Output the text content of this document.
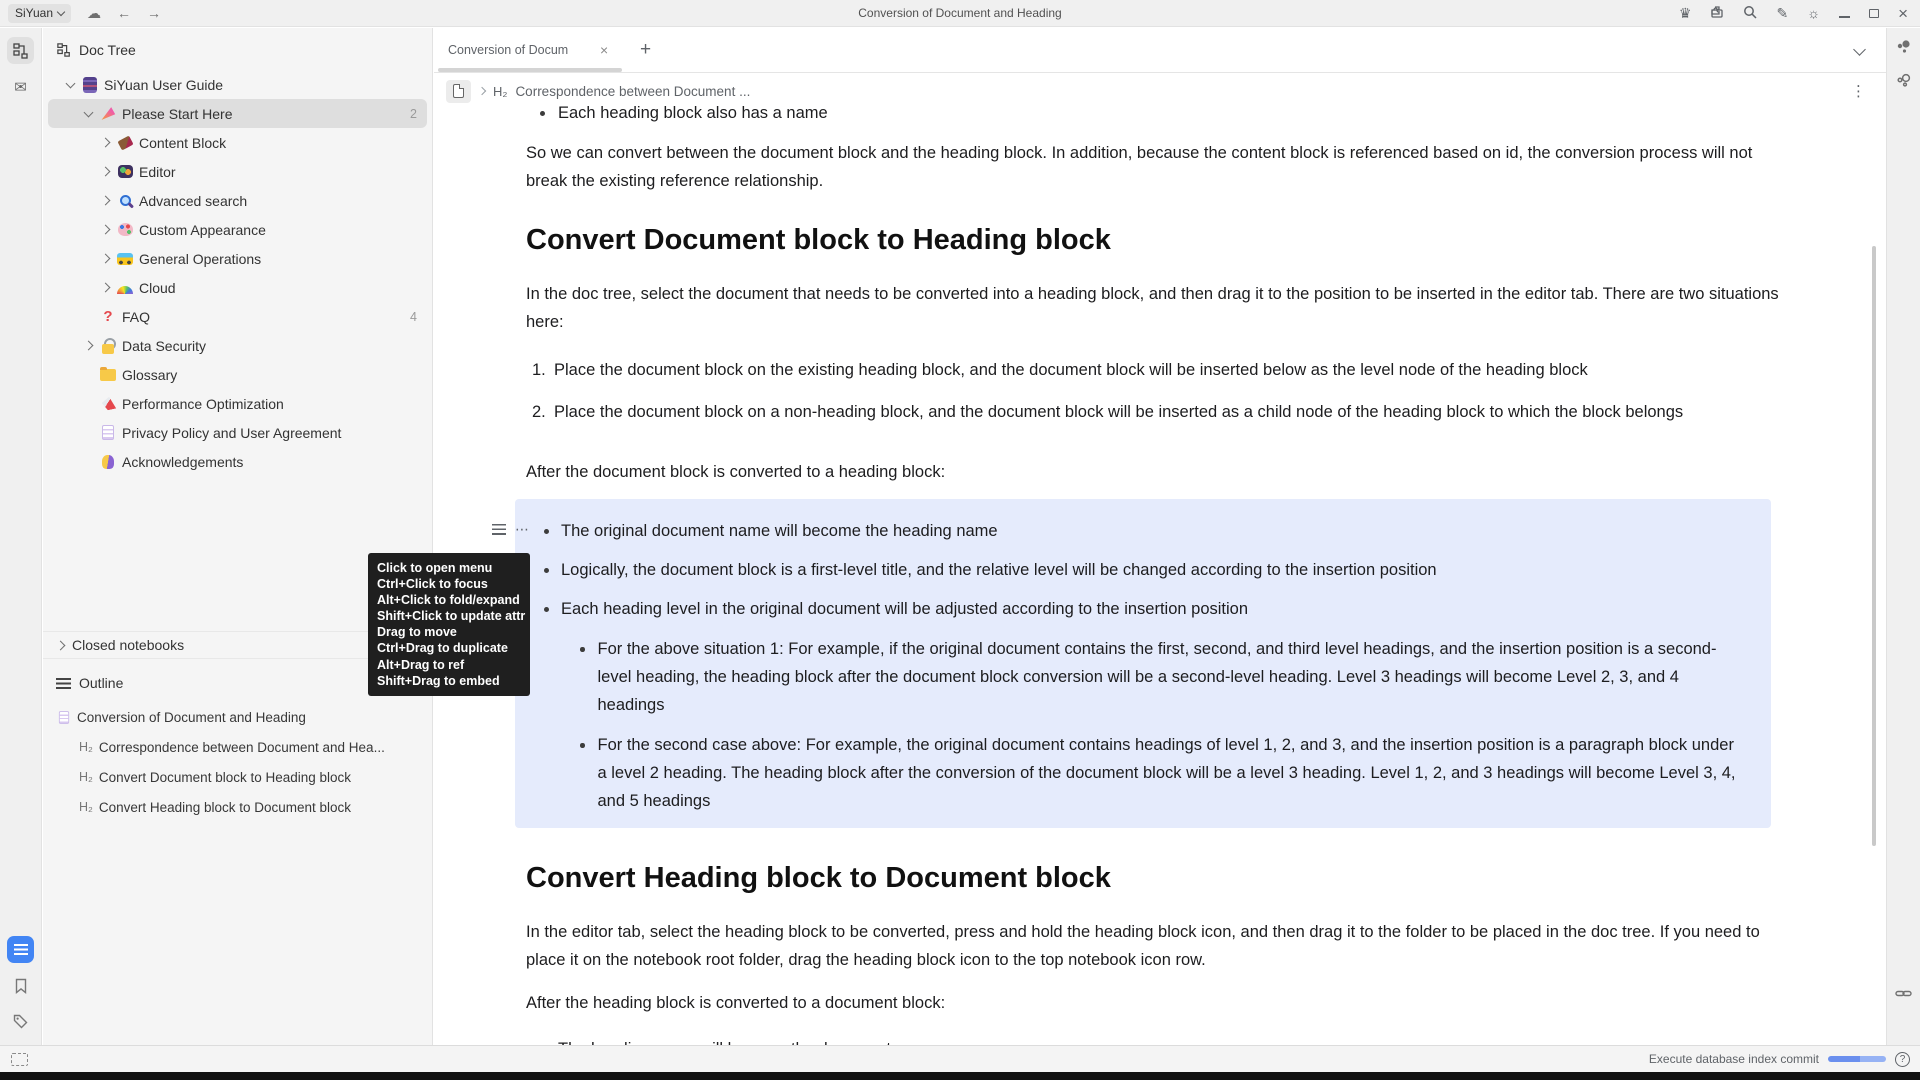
SiYuan ☁ ← →	Conversion of Document and Heading	♛	✎ ☼	×
✉
Doc Tree
SiYuan User Guide
Please Start Here	2
Content Block
Editor
Advanced search
Custom Appearance
General Operations
Cloud
? FAQ	4
Data Security
Glossary
Performance Optimization
Privacy Policy and User Agreement
Acknowledgements
Closed notebooks
Outline
Conversion of Document and Heading
H₂ Correspondence between Document and Hea...
H₂ Convert Document block to Heading block
H₂ Convert Heading block to Document block
Conversion of Docum	× +
H₂ Correspondence between Document ...	⋮
Each heading block also has a name

So we can convert between the document block and the heading block. In addition, because the content block is referenced based on id, the conversion process will not break the existing reference relationship.

Convert Document block to Heading block

In the doc tree, select the document that needs to be converted into a heading block, and then drag it to the position to be inserted in the editor tab. There are two situations here:

1. Place the document block on the existing heading block, and the document block will be inserted below as the level node of the heading block
2. Place the document block on a non-heading block, and the document block will be inserted as a child node of the heading block to which the block belongs

After the document block is converted to a heading block:

The original document name will become the heading name
Logically, the document block is a first-level title, and the relative level will be changed according to the insertion position
Each heading level in the original document will be adjusted according to the insertion position
For the above situation 1: For example, if the original document contains the first, second, and third level headings, and the insertion position is a second-level heading, the heading block after the document block conversion will be a second-level heading. Level 3 headings will become Level 2, 3, and 4 headings
For the second case above: For example, the original document contains headings of level 1, 2, and 3, and the insertion position is a paragraph block under a level 2 heading. The heading block after the conversion of the document block will be a level 3 heading. Level 1, 2, and 3 headings will become Level 3, 4, and 5 headings
⋯
Convert Heading block to Document block

In the editor tab, select the heading block to be converted, press and hold the heading block icon, and then drag it to the folder to be placed in the doc tree. If you need to place it on the notebook root folder, drag the heading block icon to the top notebook icon row.

After the heading block is converted to a document block:

Execute database index commit	?
Click to open menu
Ctrl+Click to focus
Alt+Click to fold/expand
Shift+Click to update attr
Drag to move
Ctrl+Drag to duplicate
Alt+Drag to ref
Shift+Drag to embed
